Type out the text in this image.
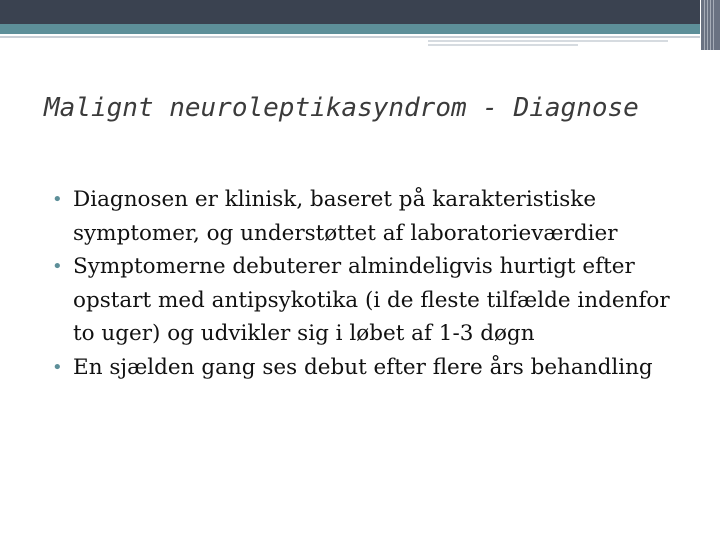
Malignt neuroleptikasyndrom - Diagnose
• Diagnosen er klinisk, baseret på karakteristiske symptomer, og understøttet af laboratorieværdier
• Symptomerne debuterer almindeligvis hurtigt efter opstart med antipsykotika (i de fleste tilfælde indenfor to uger) og udvikler sig i løbet af 1-3 døgn
• En sjælden gang ses debut efter flere års behandling
